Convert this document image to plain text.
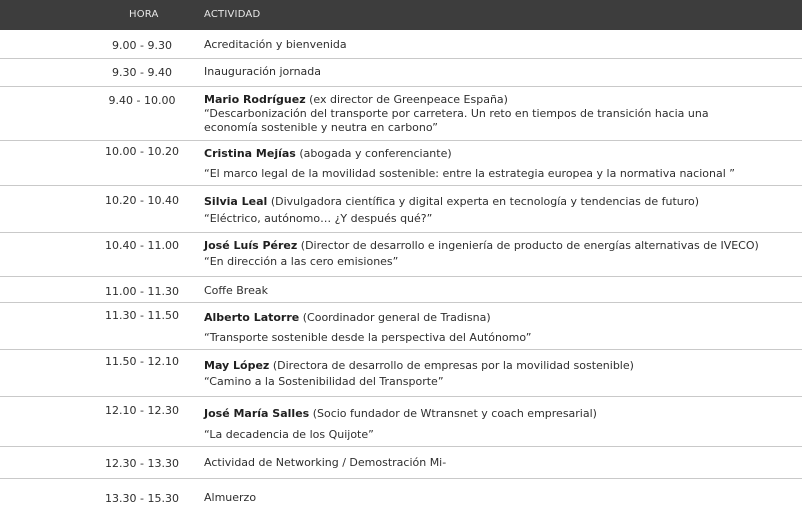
HORA	ACTIVIDAD
9.00 - 9.30	Acreditación y bienvenida
9.30 - 9.40	Inauguración jornada
9.40 - 10.00	Mario Rodríguez (ex director de Greenpeace España)
“Descarbonización del transporte por carretera. Un reto en tiempos de transición hacia una economía sostenible y neutra en carbono”
10.00 - 10.20	Cristina Mejías (abogada y conferenciante)
“El marco legal de la movilidad sostenible: entre la estrategia europea y la normativa nacional ”
10.20 - 10.40	Silvia Leal (Divulgadora científica y digital experta en tecnología y tendencias de futuro)
“Eléctrico, autónomo… ¿Y después qué?”
10.40 - 11.00	José Luís Pérez (Director de desarrollo e ingeniería de producto de energías alternativas de IVECO)
“En dirección a las cero emisiones”
11.00 - 11.30	Coffe Break
11.30 - 11.50	Alberto Latorre (Coordinador general de Tradisna)
“Transporte sostenible desde la perspectiva del Autónomo”
11.50 - 12.10	May López (Directora de desarrollo de empresas por la movilidad sostenible)
“Camino a la Sostenibilidad del Transporte”
12.10 - 12.30	José María Salles (Socio fundador de Wtransnet y coach empresarial)
“La decadencia de los Quijote”
12.30 - 13.30	Actividad de Networking / Demostración Mi-
13.30 - 15.30	Almuerzo
